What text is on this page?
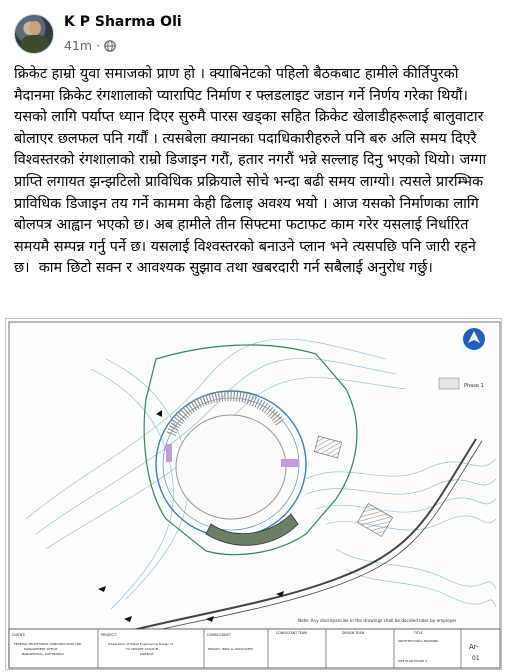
K P Sharma Oli
41m ·
क्रिकेट हाम्रो युवा समाजको प्राण हो । क्याबिनेटको पहिलो बैठकबाट हामीले कीर्तिपुरको मैदानमा क्रिकेट रंगशालाको प्यारापिट निर्माण र फ्लडलाइट जडान गर्ने निर्णय गरेका थियौं। यसको लागि पर्याप्त ध्यान दिएर सुरुमै पारस खड्का सहित क्रिकेट खेलाडीहरूलाई बालुवाटार बोलाएर छलफल पनि गर्यौं । त्यसबेला क्यानका पदाधिकारीहरुले पनि बरु अलि समय दिएरै विश्वस्तरको रंगशालाको राम्रो डिजाइन गरौं, हतार नगरौं भन्ने सल्लाह दिनु भएको थियो। जग्गा प्राप्ति लगायत झन्झटिलो प्राविधिक प्रक्रियाले सोचे भन्दा बढी समय लाग्यो। त्यसले प्रारम्भिक प्राविधिक डिजाइन तय गर्ने काममा केही ढिलाइ अवश्य भयो । आज यसको निर्माणका लागि बोलपत्र आह्वान भएको छ। अब हामीले तीन सिफ्टमा फटाफट काम गरेर यसलाई निर्धारित समयमै सम्पन्न गर्नु पर्ने छ। यसलाई विश्वस्तरको बनाउने प्लान भने त्यसपछि पनि जारी रहने छ।  काम छिटो सक्न र आवश्यक सुझाव तथा खबरदारी गर्न सबैलाई अनुरोध गर्छु।
Phase 1
Note: Any discrepancies in the drawings shall be decided later by employer
CLIENT:
FEDERAL SECRETARIAT CONSTRUCTION AND
MANAGEMENT OFFICE
BABARMAHAL, KATHMANDU
PROJECT:
Preparation of Detail Engineering Design of
TU CRICKET STADIUM
KIRTIPUR
CONSULTANT:
PRAVAH, INDIA & ASSOCIATES
CONSULTANT TEAM	DESIGN TEAM	TITLE
ARCHITECTURAL DRAWING
SITE PLAN PHASE 1
Ar-
01
